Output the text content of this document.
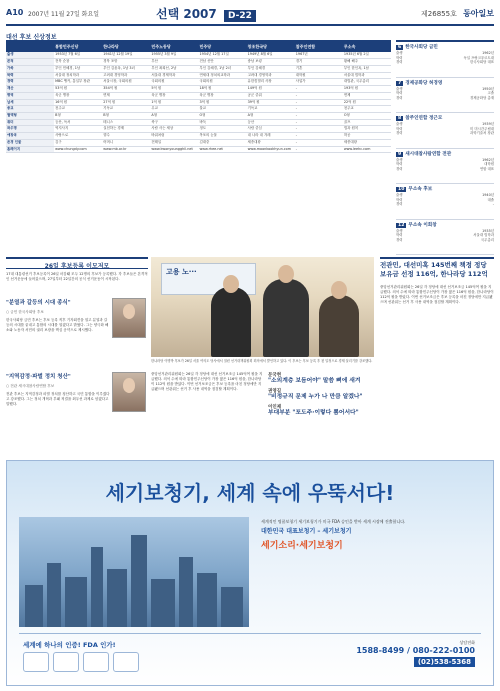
A10 2007년 11월 27일 화요일	선택 2007 D-22	제26855호 동아일보
대선 후보 신상정보
	통합민주신당	한나라당	민주노동당	민주당	창조한국당	참주인연합	무소속
출생	1953년 7월 6일	1941년 12월 19일	1955년 3월 9일	1954년 12월 17일	1949년 8월 6일	1967년	1935년 6월 2일
본적	전북 순창	경북 포항	부산	전남 신안	충남 보령	경기	황해 해주
가족	부인 민혜경, 1남	부인 김윤옥, 1남 3녀	부인 최희선, 2남	부인 김혜경, 1남 2녀	부인 김혜경	기혼	부인 한인옥, 1남
학력	서울대 정치학과	고려대 경영학과	서울대 경제학과	연세대 정치외교학과	고려대 경영학과	대학원	서울대 법학과
경력	MBC 앵커, 통일부 장관	서울시장, 국회의원	국회의원	국회의원	유한킴벌리 사장	사업가	대법관, 국무총리
재산	53억 원	354억 원	5억 원	18억 원	149억 원	-	193억 원
병역	육군 병장	면제	육군 병장	육군 병장	공군 중위	-	면제
납세	16억 원	27억 원	1억 원	3억 원	39억 원	-	22억 원
종교	천주교	기독교	무교	불교	기독교	-	천주교
혈액형	B형	B형	A형	O형	A형	-	O형
취미	등산, 독서	테니스	축구	바둑	등산	-	골프
좌우명	역지사지	실천하는 경제	사람 사는 세상	정도	사람 중심	-	법과 원칙
애창곡	사랑으로	향수	바위처럼	목포의 눈물	내 나라 내 겨레	-	허공
존경 인물	김구	어머니	전태일	김대중	세종대왕	-	세종대왕
홈페이지	www.chungdy.com	www.mb.or.kr	www.kwonyoungghil.net	www.rhee.net	www.moonkookhyun.com	-	www.leehc.com
6 한국사회당 금민
출생	1962년
학력	독일 프랑크푸르트대
경력	한국사회당 대표
7 경제공화당 허경영
출생	1950년
학력	고졸
경력	경제공화당 총재
8 참주인연합 정근모
출생	1939년
학력	미 미시간주립대
경력	과학기술처 장관
9 새시대참사람연합 전관
출생	1962년
학력	대학원
경력	연합 대표
10 무소속 후보
출생	1940년
학력	대졸
경력	-
12 무소속 이회창
출생	1935년
학력	서울대 법학과
경력	국무총리
26일 후보등록 이모저모
17대 대통령선거 후보등록이 26일 마감돼 모두 12명의 후보가 등록했다. 각 후보들은 본격적인 선거운동에 들어갔으며, 27일부터 22일간의 공식 선거운동이 시작된다.
"분열과 갈등의 시대 종식"
○ 금민 한국사회당 후보
한국사회당 금민 후보는 후보 등록 직후 기자회견을 열고 분열과 갈등의 시대를 끝내고 통합의 시대를 열겠다고 밝혔다. 그는 양극화 해소와 노동자 서민의 권리 보장을 핵심 공약으로 제시했다.
"지역감정·파벌 정치 청산"
○ 전관 새시대참사람연합 후보
전관 후보는 지역감정과 파벌 정치를 청산하고 국민 통합을 이루겠다고 강조했다. 그는 정치 개혁과 부패 척결을 최우선 과제로 삼겠다고 말했다.
고용 노···
한나라당 이명박 후보가 26일 서울 여의도 당사에서 열린 선거대책위원회 회의에서 발언하고 있다. 이 후보는 후보 등록 후 첫 일정으로 경제 살리기를 강조했다.
중앙선거관리위원회는 26일 각 정당에 대선 선거보조금 145억여 원을 지급했다. 의석 수에 따라 통합민주신당이 가장 많은 116억 원을, 한나라당이 112억 원을 받았다. 이번 선거보조금은 후보 등록을 마친 정당에만 지급됐으며 선관위는 선거 후 사용 내역을 점검할 계획이다.
문국현
"소외계층 보듬어야" 말씀 뼈에 새겨
권영길
"비정규직 문제 누가 나 만큼 알겠나"
이인제
부대부분 "포도주·이렇다 뽐어서다"
전관민, 대선미혹 145번째 책정 정당 보유금 선정 116억, 한나라당 112억
중앙선거관리위원회는 26일 각 정당에 대선 선거보조금 145억여 원을 지급했다. 의석 수에 따라 통합민주신당이 가장 많은 116억 원을, 한나라당이 112억 원을 받았다. 이번 선거보조금은 후보 등록을 마친 정당에만 지급됐으며 선관위는 선거 후 사용 내역을 점검할 계획이다.
세기보청기, 세계 속에 우뚝서다!
세계적인 명품보청기 세기보청기가 미국 FDA 승인을 받아 세계 시장에 진출합니다.
대한민국 대표보청기 – 세기보청기
세기소리·세기보청기
세계에 하나의 인증! FDA 인가!	상담전화
1588-8499 / 080-222-0100
(02)538-5368
